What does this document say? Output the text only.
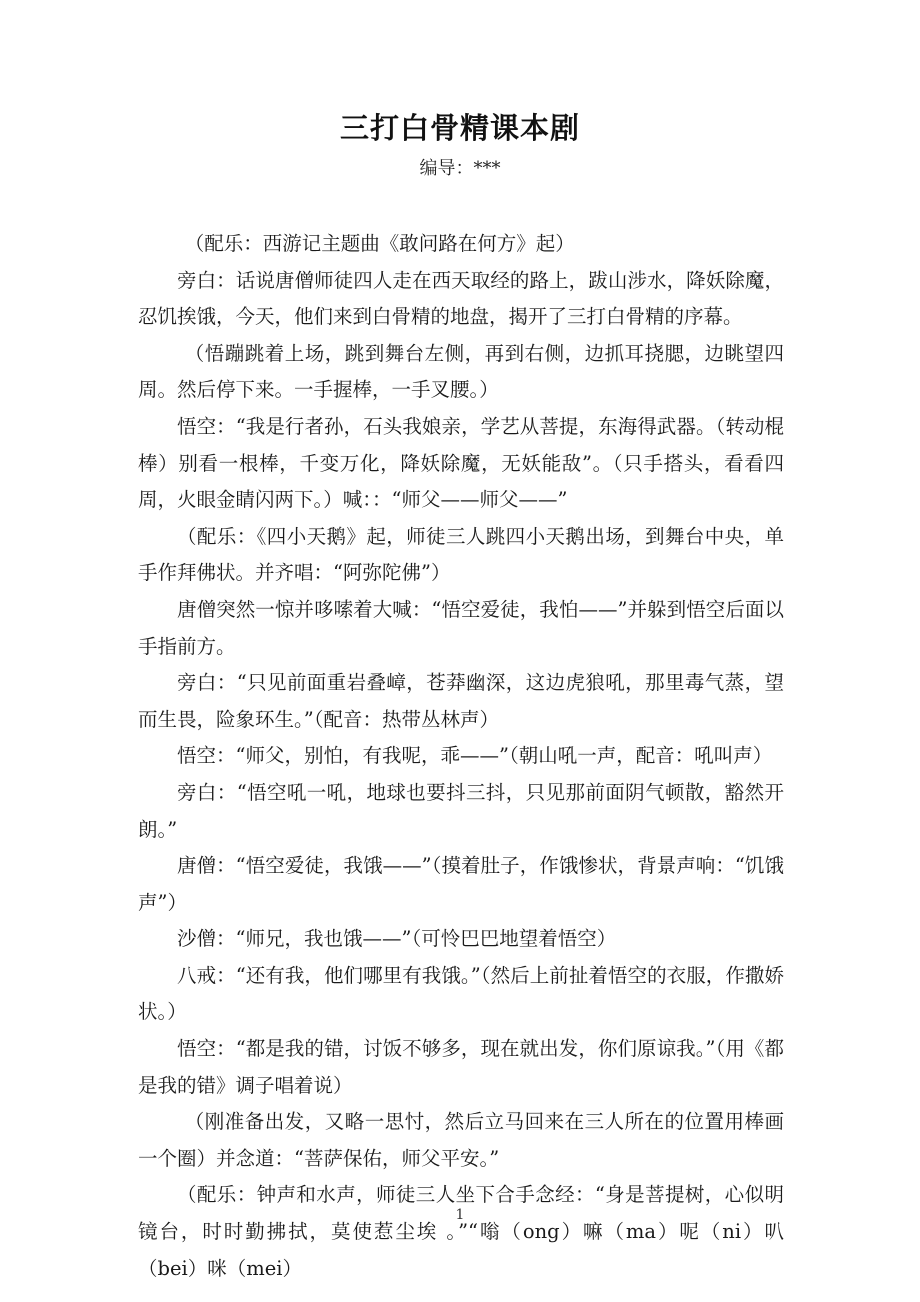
三打白骨精课本剧
编导：***

（配乐：西游记主题曲《敢问路在何方》起）

旁白：话说唐僧师徒四人走在西天取经的路上，跋山涉水，降妖除魔，忍饥挨饿，今天，他们来到白骨精的地盘，揭开了三打白骨精的序幕。

（悟蹦跳着上场，跳到舞台左侧，再到右侧，边抓耳挠腮，边眺望四周。然后停下来。一手握棒，一手叉腰。）

悟空：“我是行者孙，石头我娘亲，学艺从菩提，东海得武器。（转动棍棒）别看一根棒，千变万化，降妖除魔，无妖能敌”。（只手搭头，看看四周，火眼金睛闪两下。）喊：：“师父——师父——”

（配乐：《四小天鹅》起，师徒三人跳四小天鹅出场，到舞台中央，单手作拜佛状。并齐唱：“阿弥陀佛”）

唐僧突然一惊并哆嗦着大喊：“悟空爱徒，我怕——”并躲到悟空后面以手指前方。

旁白：“只见前面重岩叠嶂，苍莽幽深，这边虎狼吼，那里毒气蒸，望而生畏，险象环生。”（配音：热带丛林声）

悟空：“师父，别怕，有我呢，乖——”（朝山吼一声，配音：吼叫声）

旁白：“悟空吼一吼，地球也要抖三抖，只见那前面阴气顿散，豁然开朗。”

唐僧：“悟空爱徒，我饿——”（摸着肚子，作饿惨状，背景声响：“饥饿声”）

沙僧：“师兄，我也饿——”（可怜巴巴地望着悟空）

八戒：“还有我，他们哪里有我饿。”（然后上前扯着悟空的衣服，作撒娇状。）

悟空：“都是我的错，讨饭不够多，现在就出发，你们原谅我。”（用《都是我的错》调子唱着说）

（刚准备出发，又略一思忖，然后立马回来在三人所在的位置用棒画一个圈）并念道：“菩萨保佑，师父平安。”

（配乐：钟声和水声，师徒三人坐下合手念经：“身是菩提树，心似明镜台，时时勤拂拭，莫使惹尘埃 。”“嗡（ong）嘛（ma）呢（ni）叭（bei）咪（mei）

1
